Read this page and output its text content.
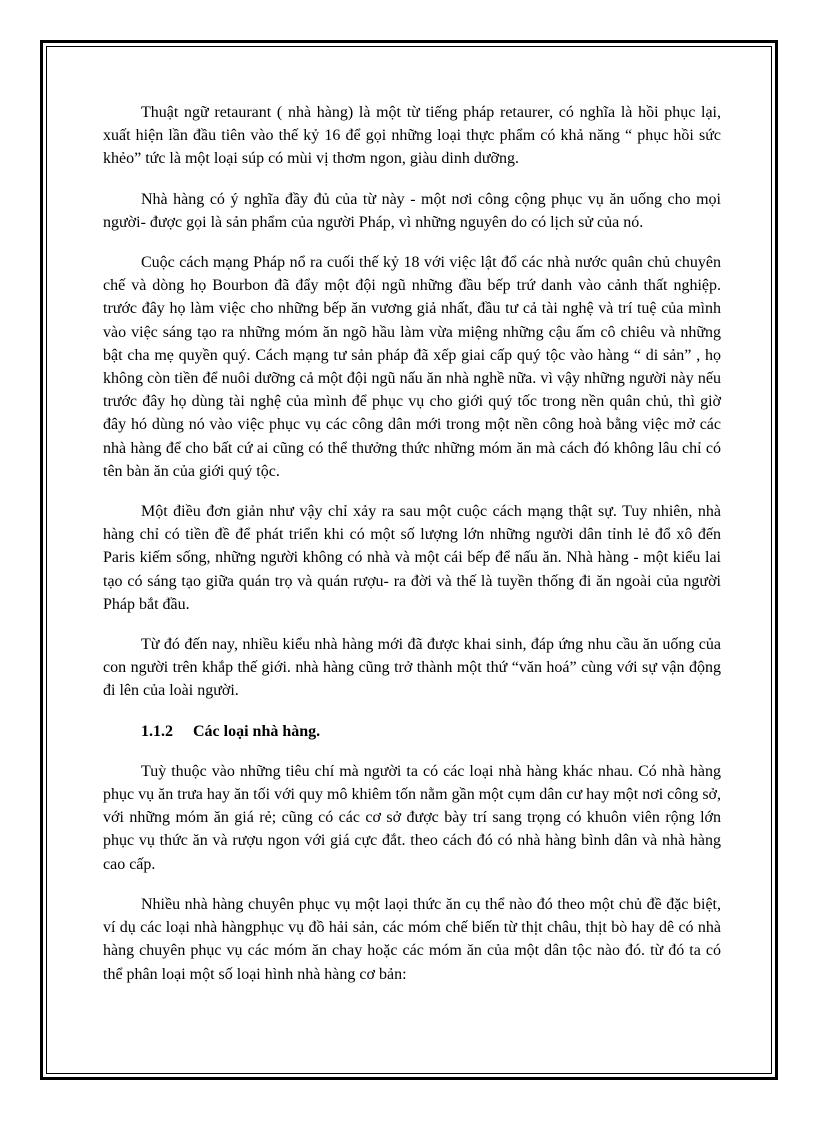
Thuật ngữ retaurant ( nhà hàng) là một từ tiếng pháp retaurer, có nghĩa là hồi phục lại, xuất hiện lần đầu tiên vào thế kỷ 16 để gọi những loại thực phẩm có khả năng “ phục hồi sức khẻo” tức là một loại súp có mùi vị thơm ngon, giàu dinh dưỡng.

Nhà hàng có ý nghĩa đầy đủ của từ này - một nơi công cộng phục vụ ăn uống cho mọi người- được gọi là sản phẩm của người Pháp, vì những nguyên do có lịch sử của nó.

Cuộc cách mạng Pháp nổ ra cuối thế kỷ 18 với việc lật đổ các nhà nước quân chủ chuyên chế và dòng họ Bourbon đã đẩy một đội ngũ những đầu bếp trứ danh vào cảnh thất nghiệp. trước đây họ làm việc cho những bếp ăn vương giả nhất, đầu tư cả tài nghệ và trí tuệ của mình vào việc sáng tạo ra những móm ăn ngõ hầu làm vừa miệng những cậu ấm cô chiêu và những bật cha mẹ quyền quý. Cách mạng tư sản pháp đã xếp giai cấp quý tộc vào hàng “ di sản” , họ không còn tiền để nuôi dưỡng cả một đội ngũ nấu ăn nhà nghề nữa. vì vậy những người này nếu trước đây họ dùng tài nghệ của mình để phục vụ cho giới quý tốc trong nền quân chủ, thì giờ đây hó dùng nó vào việc phục vụ các công dân mới trong một nền công hoà bằng việc mở các nhà hàng để cho bất cứ ai cũng có thể thưởng thức những móm ăn mà cách đó không lâu chỉ có tên bàn ăn của giới quý tộc.

Một điều đơn giản như vậy chỉ xảy ra sau một cuộc cách mạng thật sự. Tuy nhiên, nhà hàng chỉ có tiền đề để phát triển khi có một số lượng lớn những người dân tỉnh lẻ đổ xô đến Paris kiếm sống, những người không có nhà và một cái bếp để nấu ăn. Nhà hàng - một kiểu lai tạo có sáng tạo giữa quán trọ và quán rượu- ra đời và thế là tuyền thống đi ăn ngoài của người Pháp bắt đầu.

Từ đó đến nay, nhiều kiểu nhà hàng mới đã được khai sinh, đáp ứng nhu cầu ăn uống của con người trên khắp thế giới. nhà hàng cũng trở thành một thứ “văn hoá” cùng với sự vận động đi lên của loài người.

1.1.2 Các loại nhà hàng.

Tuỳ thuộc vào những tiêu chí mà người ta có các loại nhà hàng khác nhau. Có nhà hàng phục vụ ăn trưa hay ăn tối với quy mô khiêm tốn nằm gần một cụm dân cư hay một nơi công sở, với những móm ăn giá rẻ; cũng có các cơ sở được bày trí sang trọng có khuôn viên rộng lớn phục vụ thức ăn và rượu ngon với giá cực đắt. theo cách đó có nhà hàng bình dân và nhà hàng cao cấp.

Nhiều nhà hàng chuyên phục vụ một laọi thức ăn cụ thể nào đó theo một chủ đề đặc biệt, ví dụ các loại nhà hàngphục vụ đồ hải sản, các móm chế biến từ thịt châu, thịt bò hay dê có nhà hàng chuyên phục vụ các móm ăn chay hoặc các móm ăn của một dân tộc nào đó. từ đó ta có thể phân loại một số loại hình nhà hàng cơ bản:
